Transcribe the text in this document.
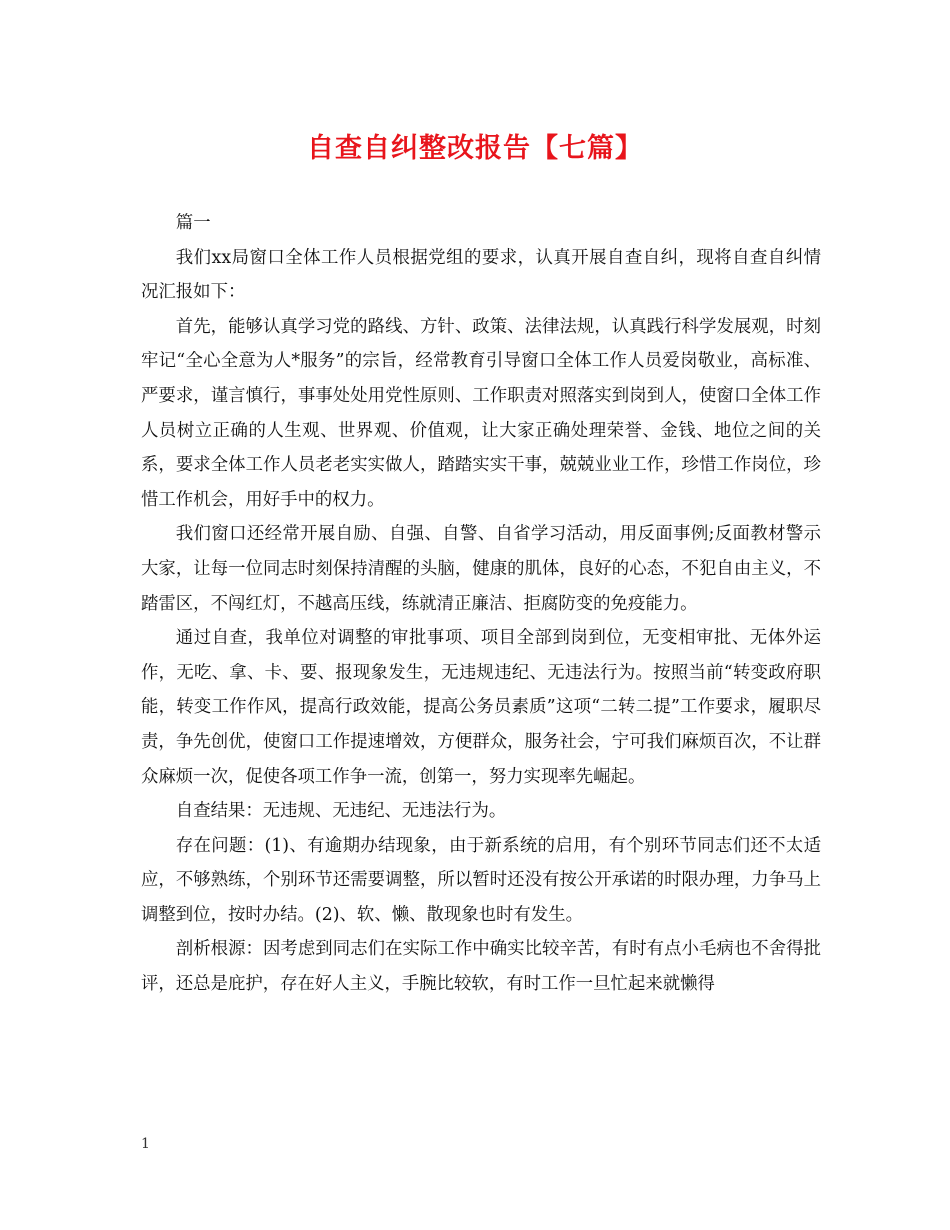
自查自纠整改报告【七篇】

篇一

我们xx局窗口全体工作人员根据党组的要求，认真开展自查自纠，现将自查自纠情况汇报如下：

首先，能够认真学习党的路线、方针、政策、法律法规，认真践行科学发展观，时刻牢记“全心全意为人*服务”的宗旨，经常教育引导窗口全体工作人员爱岗敬业，高标准、严要求，谨言慎行，事事处处用党性原则、工作职责对照落实到岗到人，使窗口全体工作人员树立正确的人生观、世界观、价值观，让大家正确处理荣誉、金钱、地位之间的关系，要求全体工作人员老老实实做人，踏踏实实干事，兢兢业业工作，珍惜工作岗位，珍惜工作机会，用好手中的权力。

我们窗口还经常开展自励、自强、自警、自省学习活动，用反面事例;反面教材警示大家，让每一位同志时刻保持清醒的头脑，健康的肌体，良好的心态，不犯自由主义，不踏雷区，不闯红灯，不越高压线，练就清正廉洁、拒腐防变的免疫能力。

通过自查，我单位对调整的审批事项、项目全部到岗到位，无变相审批、无体外运作，无吃、拿、卡、要、报现象发生，无违规违纪、无违法行为。按照当前“转变政府职能，转变工作作风，提高行政效能，提高公务员素质”这项“二转二提”工作要求，履职尽责，争先创优，使窗口工作提速增效，方便群众，服务社会，宁可我们麻烦百次，不让群众麻烦一次，促使各项工作争一流，创第一，努力实现率先崛起。

自查结果：无违规、无违纪、无违法行为。

存在问题：(1)、有逾期办结现象，由于新系统的启用，有个别环节同志们还不太适应，不够熟练，个别环节还需要调整，所以暂时还没有按公开承诺的时限办理，力争马上调整到位，按时办结。(2)、软、懒、散现象也时有发生。

剖析根源：因考虑到同志们在实际工作中确实比较辛苦，有时有点小毛病也不舍得批评，还总是庇护，存在好人主义，手腕比较软，有时工作一旦忙起来就懒得

1
